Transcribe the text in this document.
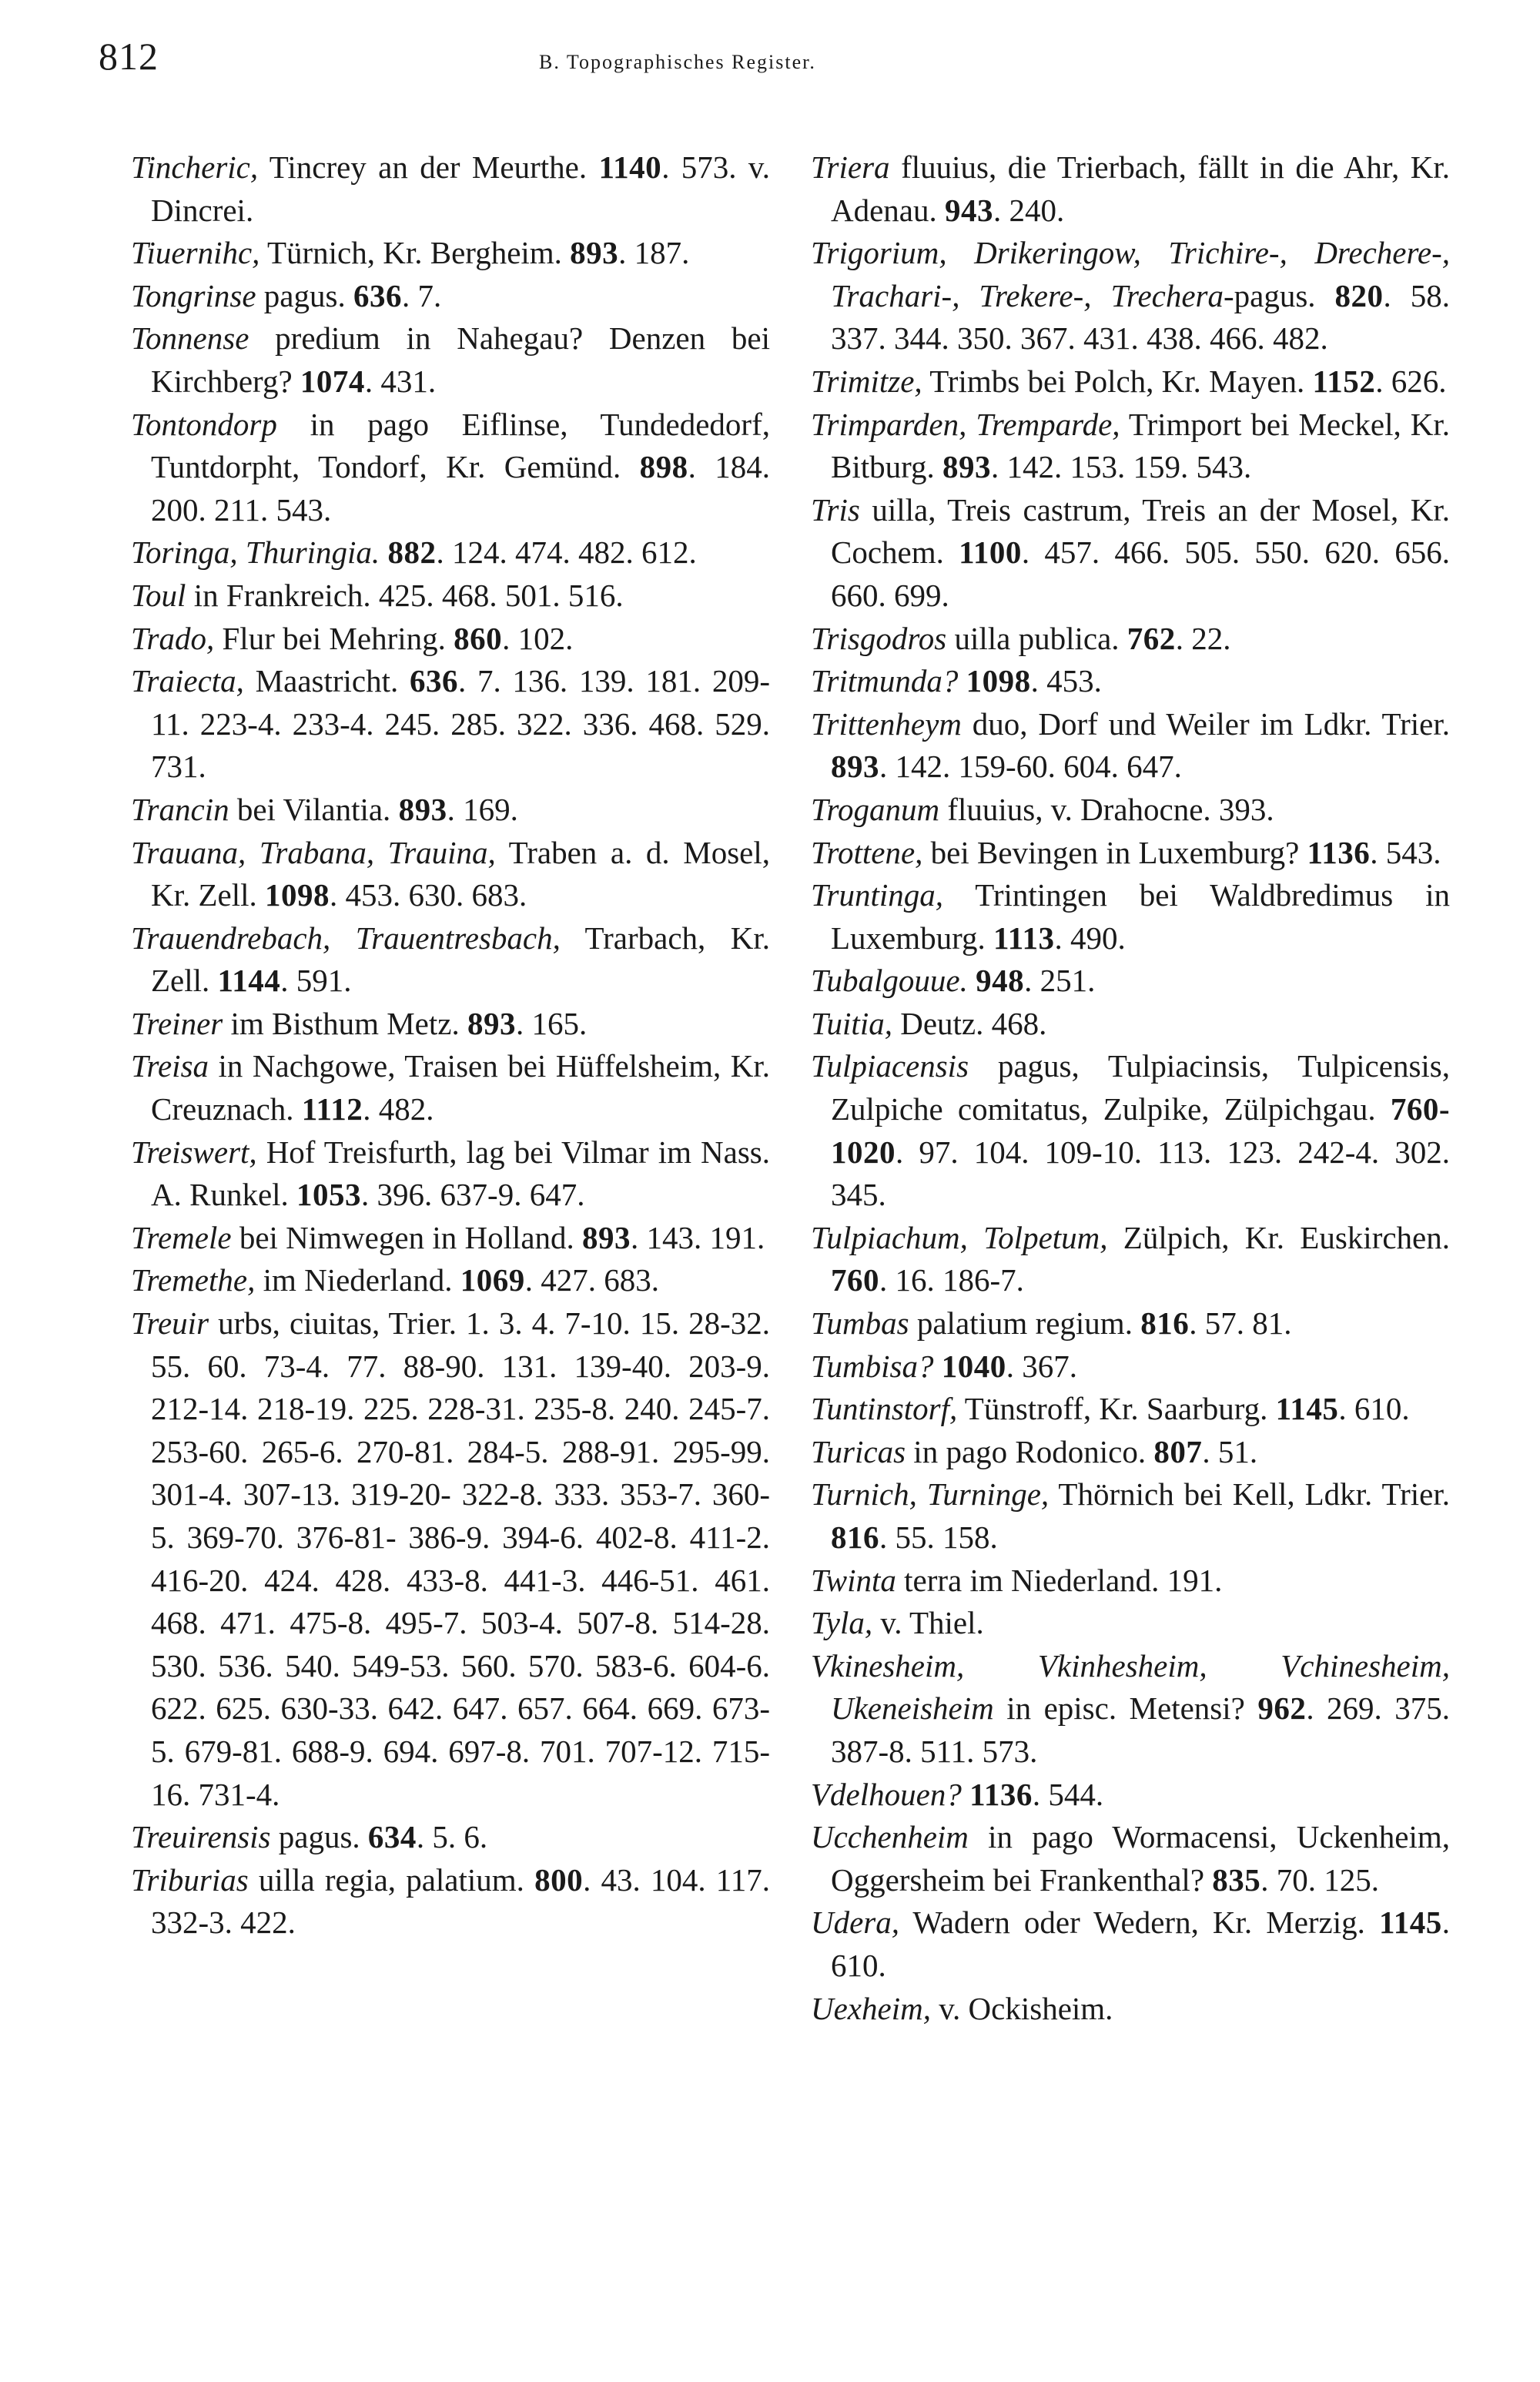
812	B. Topographisches Register.
Tincheric, Tincrey an der Meurthe. 1140. 573. v. Dincrei.
Tiuernihc, Türnich, Kr. Bergheim. 893. 187.
Tongrinse pagus. 636. 7.
Tonnense predium in Nahegau? Denzen bei Kirchberg? 1074. 431.
Tontondorp in pago Eiflinse, Tundededorf, Tuntdorpht, Tondorf, Kr. Gemünd. 898. 184. 200. 211. 543.
Toringa, Thuringia. 882. 124. 474. 482. 612.
Toul in Frankreich. 425. 468. 501. 516.
Trado, Flur bei Mehring. 860. 102.
Traiecta, Maastricht. 636. 7. 136. 139. 181. 209-11. 223-4. 233-4. 245. 285. 322. 336. 468. 529. 731.
Trancin bei Vilantia. 893. 169.
Trauana, Trabana, Trauina, Traben a. d. Mosel, Kr. Zell. 1098. 453. 630. 683.
Trauendrebach, Trauentresbach, Trarbach, Kr. Zell. 1144. 591.
Treiner im Bisthum Metz. 893. 165.
Treisa in Nachgowe, Traisen bei Hüffelsheim, Kr. Creuznach. 1112. 482.
Treiswert, Hof Treisfurth, lag bei Vilmar im Nass. A. Runkel. 1053. 396. 637-9. 647.
Tremele bei Nimwegen in Holland. 893. 143. 191.
Tremethe, im Niederland. 1069. 427. 683.
Treuir urbs, ciuitas, Trier. 1. 3. 4. 7-10. 15. 28-32. 55. 60. 73-4. 77. 88-90. 131. 139-40. 203-9. 212-14. 218-19. 225. 228-31. 235-8. 240. 245-7. 253-60. 265-6. 270-81. 284-5. 288-91. 295-99. 301-4. 307-13. 319-20- 322-8. 333. 353-7. 360-5. 369-70. 376-81- 386-9. 394-6. 402-8. 411-2. 416-20. 424. 428. 433-8. 441-3. 446-51. 461. 468. 471. 475-8. 495-7. 503-4. 507-8. 514-28. 530. 536. 540. 549-53. 560. 570. 583-6. 604-6. 622. 625. 630-33. 642. 647. 657. 664. 669. 673-5. 679-81. 688-9. 694. 697-8. 701. 707-12. 715-16. 731-4.
Treuirensis pagus. 634. 5. 6.
Triburias uilla regia, palatium. 800. 43. 104. 117. 332-3. 422.
Triera fluuius, die Trierbach, fällt in die Ahr, Kr. Adenau. 943. 240.
Trigorium, Drikeringow, Trichire-, Drechere-, Trachari-, Trekere-, Trechera-pagus. 820. 58. 337. 344. 350. 367. 431. 438. 466. 482.
Trimitze, Trimbs bei Polch, Kr. Mayen. 1152. 626.
Trimparden, Tremparde, Trimport bei Meckel, Kr. Bitburg. 893. 142. 153. 159. 543.
Tris uilla, Treis castrum, Treis an der Mosel, Kr. Cochem. 1100. 457. 466. 505. 550. 620. 656. 660. 699.
Trisgodros uilla publica. 762. 22.
Tritmunda? 1098. 453.
Trittenheym duo, Dorf und Weiler im Ldkr. Trier. 893. 142. 159-60. 604. 647.
Troganum fluuius, v. Drahocne. 393.
Trottene, bei Bevingen in Luxemburg? 1136. 543.
Truntinga, Trintingen bei Waldbredimus in Luxemburg. 1113. 490.
Tubalgouue. 948. 251.
Tuitia, Deutz. 468.
Tulpiacensis pagus, Tulpiacinsis, Tulpicensis, Zulpiche comitatus, Zulpike, Zülpichgau. 760-1020. 97. 104. 109-10. 113. 123. 242-4. 302. 345.
Tulpiachum, Tolpetum, Zülpich, Kr. Euskirchen. 760. 16. 186-7.
Tumbas palatium regium. 816. 57. 81.
Tumbisa? 1040. 367.
Tuntinstorf, Tünstroff, Kr. Saarburg. 1145. 610.
Turicas in pago Rodonico. 807. 51.
Turnich, Turninge, Thörnich bei Kell, Ldkr. Trier. 816. 55. 158.
Twinta terra im Niederland. 191.
Tyla, v. Thiel.
Vkinesheim, Vkinhesheim, Vchinesheim, Ukeneisheim in episc. Metensi? 962. 269. 375. 387-8. 511. 573.
Vdelhouen? 1136. 544.
Ucchenheim in pago Wormacensi, Uckenheim, Oggersheim bei Frankenthal? 835. 70. 125.
Udera, Wadern oder Wedern, Kr. Merzig. 1145. 610.
Uexheim, v. Ockisheim.
